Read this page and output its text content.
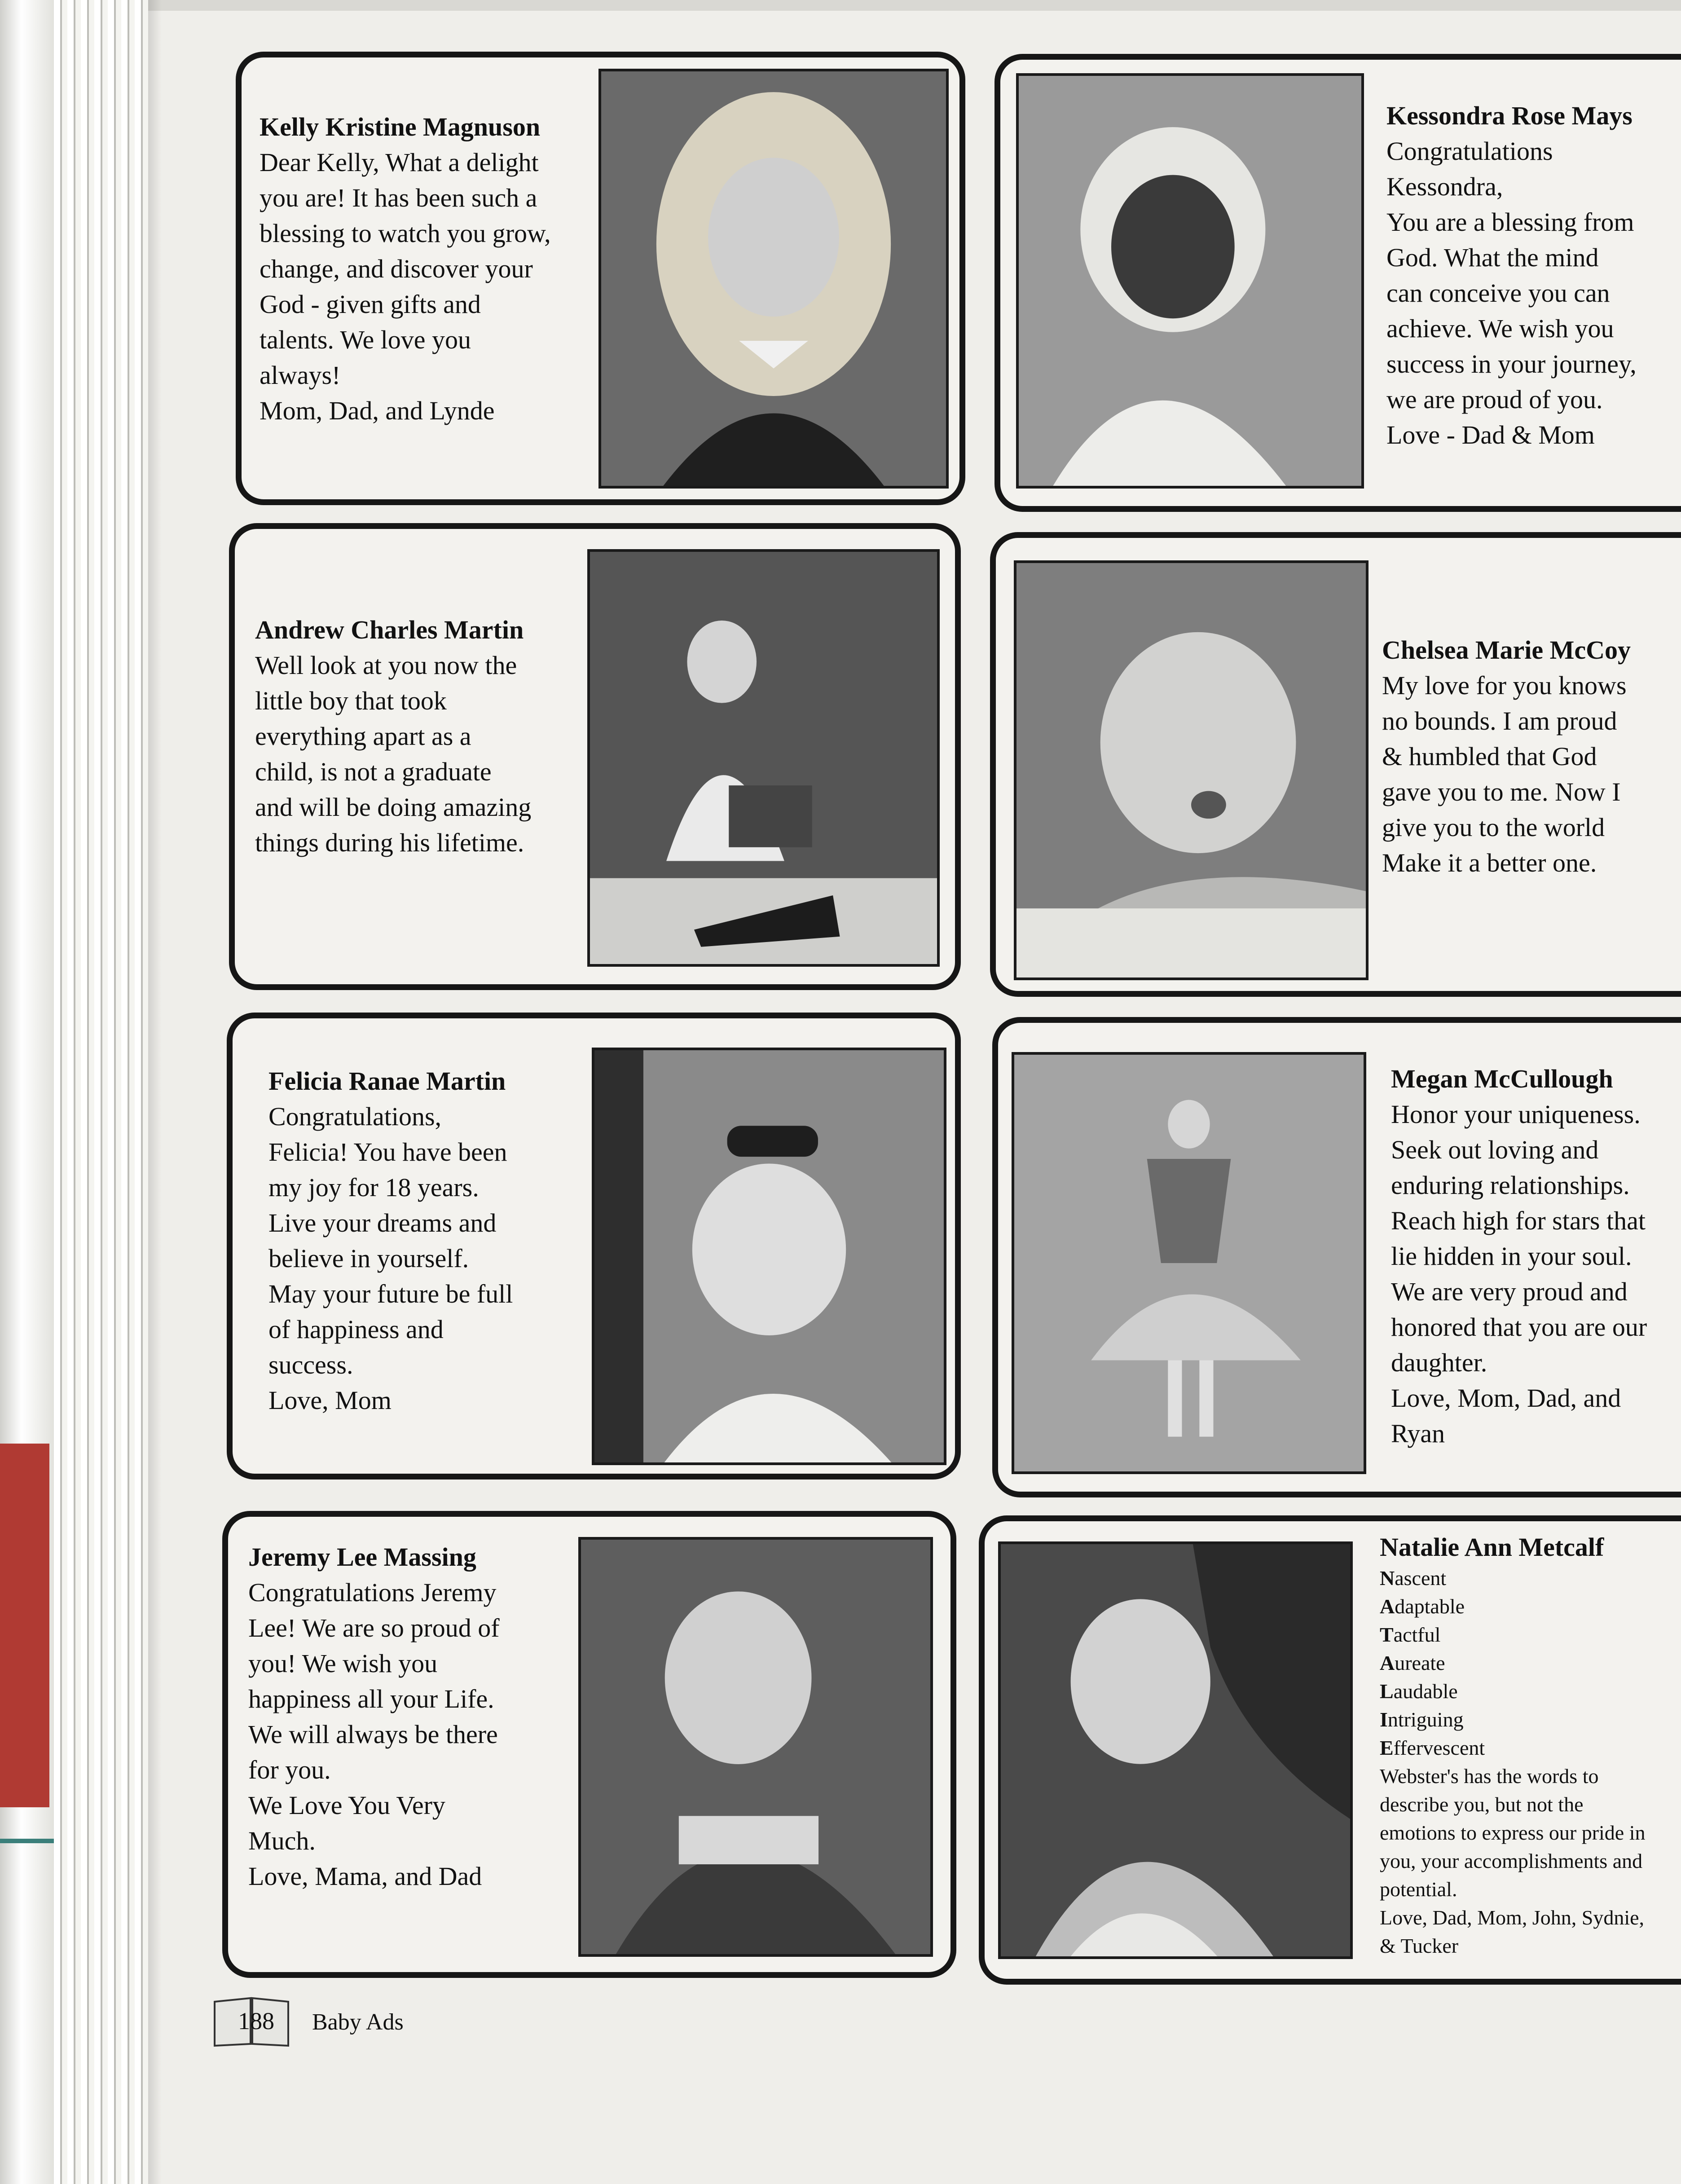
Kelly Kristine Magnuson
Dear Kelly, What a delight
you are! It has been such a
blessing to watch you grow,
change, and discover your
God - given gifts and
talents. We love you
always!
Mom, Dad, and Lynde
Kessondra Rose Mays
Congratulations
Kessondra,
You are a blessing from
God. What the mind
can conceive you can
achieve. We wish you
success in your journey,
we are proud of you.
Love - Dad & Mom
Andrew Charles Martin
Well look at you now the
little boy that took
everything apart as a
child, is not a graduate
and will be doing amazing
things during his lifetime.
Chelsea Marie McCoy
My love for you knows
no bounds. I am proud
& humbled that God
gave you to me. Now I
give you to the world
Make it a better one.
Felicia Ranae Martin
Congratulations,
Felicia! You have been
my joy for 18 years.
Live your dreams and
believe in yourself.
May your future be full
of happiness and
success.
Love, Mom
Megan McCullough
Honor your uniqueness.
Seek out loving and
enduring relationships.
Reach high for stars that
lie hidden in your soul.
We are very proud and
honored that you are our
daughter.
Love, Mom, Dad, and
Ryan
Jeremy Lee Massing
Congratulations Jeremy
Lee! We are so proud of
you! We wish you
happiness all your Life.
We will always be there
for you.
We Love You Very
Much.
Love, Mama, and Dad
Natalie Ann Metcalf
Nascent
Adaptable
Tactful
Aureate
Laudable
Intriguing
Effervescent
Webster's has the words to
describe you, but not the
emotions to express our pride in
you, your accomplishments and
potential.
Love, Dad, Mom, John, Sydnie,
& Tucker
188 Baby Ads
